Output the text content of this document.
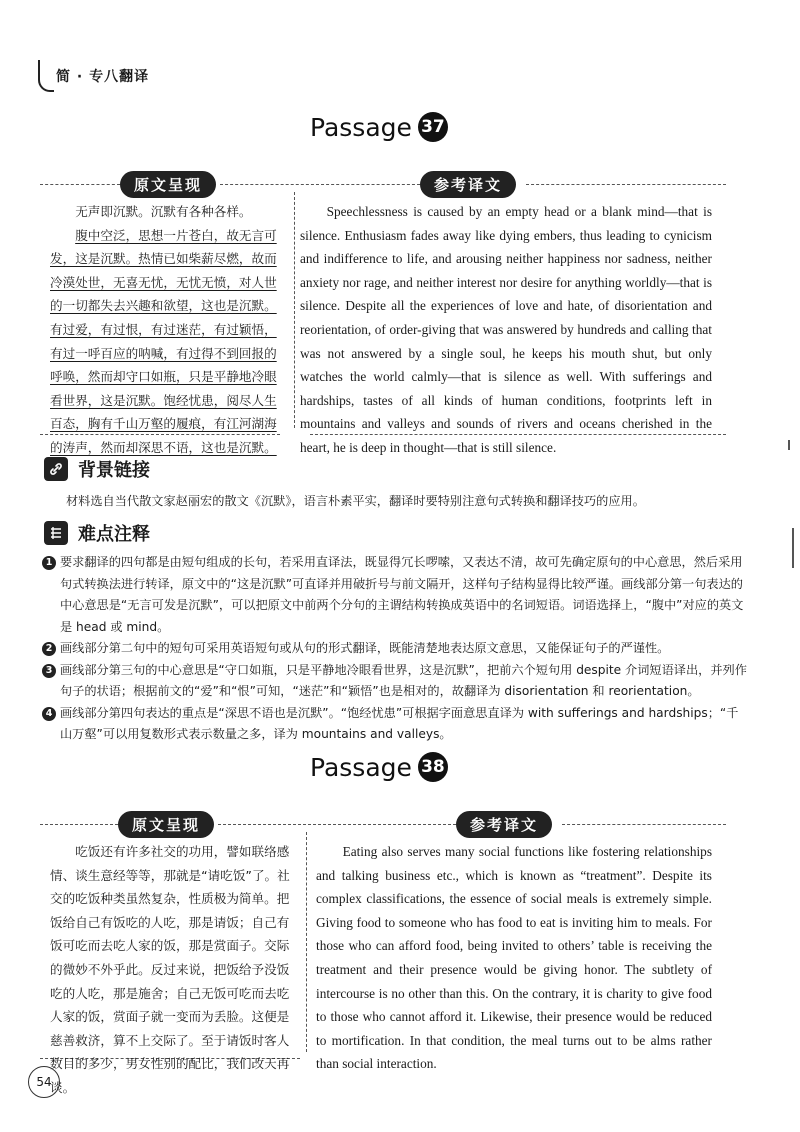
简 · 专八翻译
Passage 37
原文呈现	参考译文

无声即沉默。沉默有各种各样。

腹中空泛，思想一片苍白，故无言可发，这是沉默。热情已如柴薪尽燃，故而冷漠处世，无喜无忧，无忧无愤，对人世的一切都失去兴趣和欲望，这也是沉默。有过爱，有过恨，有过迷茫，有过颖悟，有过一呼百应的呐喊，有过得不到回报的呼唤，然而却守口如瓶，只是平静地冷眼看世界，这是沉默。饱经忧患，阅尽人生百态，胸有千山万壑的履痕，有江河湖海的涛声，然而却深思不语，这也是沉默。

Speechlessness is caused by an empty head or a blank mind—that is silence. Enthusiasm fades away like dying embers, thus leading to cynicism and indifference to life, and arousing neither happiness nor sadness, neither anxiety nor rage, and neither interest nor desire for anything worldly—that is silence. Despite all the experiences of love and hate, of disorientation and reorientation, of order-giving that was answered by hundreds and calling that was not answered by a single soul, he keeps his mouth shut, but only watches the world calmly—that is silence as well. With sufferings and hardships, tastes of all kinds of human conditions, footprints left in mountains and valleys and sounds of rivers and oceans cherished in the heart, he is deep in thought—that is still silence.

背景链接
材料选自当代散文家赵丽宏的散文《沉默》，语言朴素平实，翻译时要特别注意句式转换和翻译技巧的应用。
难点注释
1 要求翻译的四句都是由短句组成的长句，若采用直译法，既显得冗长啰嗦，又表达不清，故可先确定原句的中心意思，然后采用句式转换法进行转译，原文中的“这是沉默”可直译并用破折号与前文隔开，这样句子结构显得比较严谨。画线部分第一句表达的中心意思是“无言可发是沉默”，可以把原文中前两个分句的主谓结构转换成英语中的名词短语。词语选择上，“腹中”对应的英文是 head 或 mind。
2 画线部分第二句中的短句可采用英语短句或从句的形式翻译，既能清楚地表达原文意思，又能保证句子的严谨性。
3 画线部分第三句的中心意思是“守口如瓶，只是平静地冷眼看世界，这是沉默”，把前六个短句用 despite 介词短语译出，并列作句子的状语；根据前文的“爱”和“恨”可知，“迷茫”和“颖悟”也是相对的，故翻译为 disorientation 和 reorientation。
4 画线部分第四句表达的重点是“深思不语也是沉默”。“饱经忧患”可根据字面意思直译为 with sufferings and hardships；“千山万壑”可以用复数形式表示数量之多，译为 mountains and valleys。
Passage 38
原文呈现	参考译文

吃饭还有许多社交的功用，譬如联络感情、谈生意经等等，那就是“请吃饭”了。社交的吃饭种类虽然复杂，性质极为简单。把饭给自己有饭吃的人吃，那是请饭；自己有饭可吃而去吃人家的饭，那是赏面子。交际的微妙不外乎此。反过来说，把饭给予没饭吃的人吃，那是施舍；自己无饭可吃而去吃人家的饭，赏面子就一变而为丢脸。这便是慈善救济，算不上交际了。至于请饭时客人数目的多少，男女性别的配比，我们改天再谈。

Eating also serves many social functions like fostering relationships and talking business etc., which is known as “treatment”. Despite its complex classifications, the essence of social meals is extremely simple. Giving food to someone who has food to eat is inviting him to meals. For those who can afford food, being invited to others’ table is receiving the treatment and their presence would be giving honor. The subtlety of intercourse is no other than this. On the contrary, it is charity to give food to those who cannot afford it. Likewise, their presence would be reduced to mortification. In that condition, the meal turns out to be alms rather than social interaction.

54
